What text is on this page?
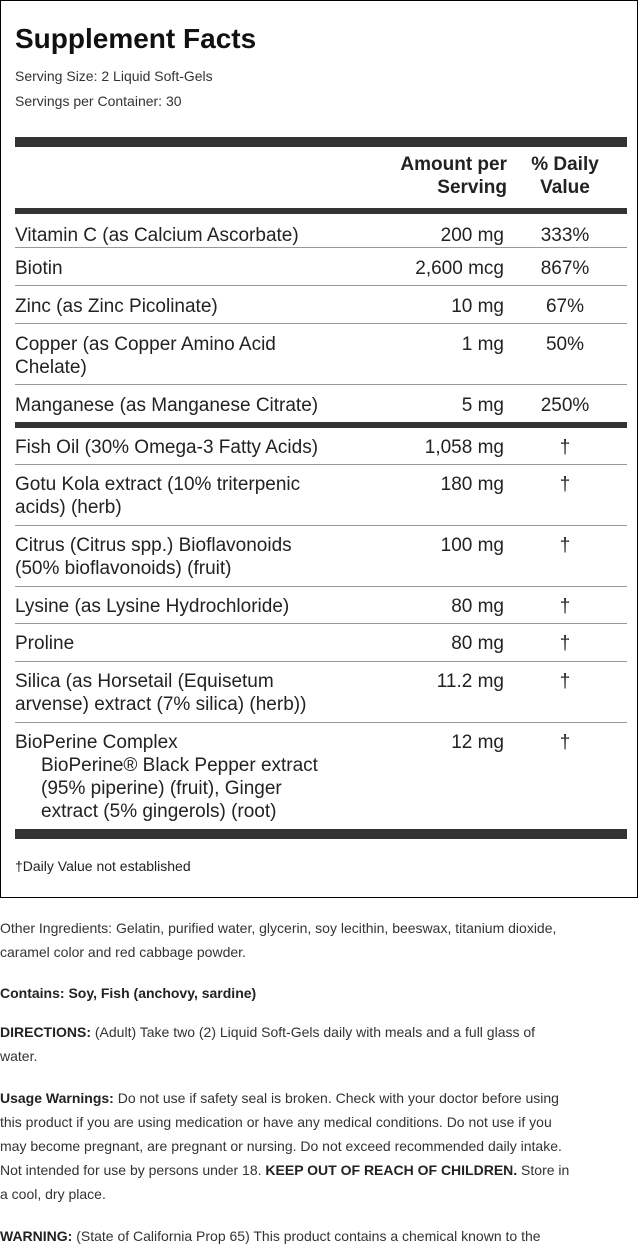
Supplement Facts
Serving Size: 2 Liquid Soft-Gels
Servings per Container: 30
Amount per
Serving
% Daily
Value
Vitamin C (as Calcium Ascorbate)	200 mg	333%
Biotin	2,600 mcg	867%
Zinc (as Zinc Picolinate)	10 mg	67%
Copper (as Copper Amino Acid
Chelate)
1 mg	50%
Manganese (as Manganese Citrate)	5 mg	250%
Fish Oil (30% Omega-3 Fatty Acids)	1,058 mg	†
Gotu Kola extract (10% triterpenic
acids) (herb)
180 mg	†
Citrus (Citrus spp.) Bioflavonoids
(50% bioflavonoids) (fruit)
100 mg	†
Lysine (as Lysine Hydrochloride)	80 mg	†
Proline	80 mg	†
Silica (as Horsetail (Equisetum
arvense) extract (7% silica) (herb))
11.2 mg	†
BioPerine Complex
BioPerine® Black Pepper extract
(95% piperine) (fruit), Ginger
extract (5% gingerols) (root)
12 mg	†
†Daily Value not established
Other Ingredients: Gelatin, purified water, glycerin, soy lecithin, beeswax, titanium dioxide,
caramel color and red cabbage powder.
Contains: Soy, Fish (anchovy, sardine)
DIRECTIONS: (Adult) Take two (2) Liquid Soft-Gels daily with meals and a full glass of
water.
Usage Warnings: Do not use if safety seal is broken. Check with your doctor before using
this product if you are using medication or have any medical conditions. Do not use if you
may become pregnant, are pregnant or nursing. Do not exceed recommended daily intake.
Not intended for use by persons under 18. KEEP OUT OF REACH OF CHILDREN. Store in
a cool, dry place.
WARNING: (State of California Prop 65) This product contains a chemical known to the
